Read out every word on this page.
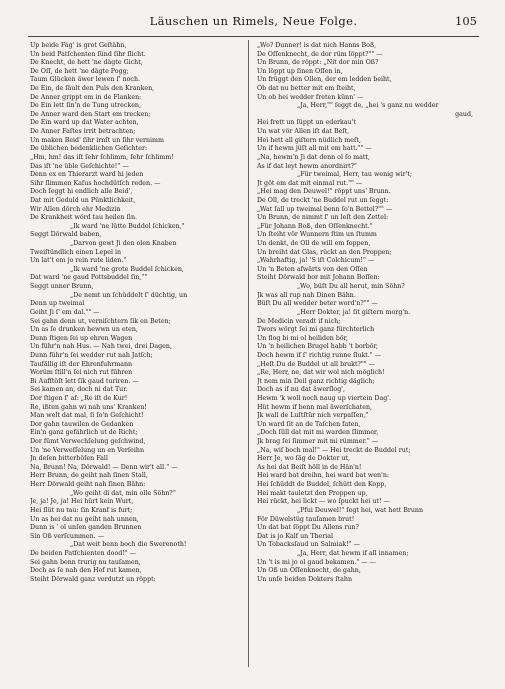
Läuschen un Rimels, Neue Folge.	105
Up beide Fäg' is grot Geſtähn,
Un beid Patſchenten ſünd ſihr ſlicht.
De Knecht, de hett 'ne dägte Gicht,
De Oſſ, de hett 'ne dägte Pogg;
Taum Glücken äwer lewen ſ' noch.
De Ein, de ſäult den Puls den Kranken,
De Anner grippt em in de Flanken:
De Ein lett ſin'n de Tung utrecken,
De Anner ward den Start em trecken;
De Ein ward up dat Water achten,
De Anner Faſtes irrit betrachten;
Un maken Beid' ſihr irnſt un ſihr vernimm
De üblichen bedenklichen Geſichter:
„Hm, hm! das iſt ſehr ſchlimm, ſehr ſchlimm!
Das iſt 'ne üble Geſchichte!“ —
Denn ex en Thierarzt ward hi jeden
Sihr ſlimmen Kaſus hochdütſch reden. —
Doch ſeggt hi endlich alle Beid',
Dat mit Geduld un Pünktlichkeit,
Wir Allen dörch ehr Medizin
De Krankheit wörd tau heilen ſin.
„Ik ward 'ne lütte Buddel ſchicken,"
Seggt Dörwald baben,
„Darvon gewt Ji den olen Knaben
Tweiſtündlich einen Lepel in
Un lat't em jo rein rute liden."
„Ik ward 'ne grote Buddel ſchicken,
Dat ward 'ne gaud Pottsbuddel ſin,“"
Seggt unner Brunn,
„De nemt un ſchüddelt ſ' düchtig, un
Denn up tweimal
Geiht Ji ſ' em dal."" —
Sei gahn denn ut, verniſchtern ſik en Beten;
Un as ſe drunken hewwn un eten,
Dunn ſtigen ſei up ehren Wagen
Un führ'n nah Hus. — Nah twei, drei Dagen,
Dunn führ'n ſei wedder rut nah Jatſch;
Taufällig iſt der Ehrenfuhrmann
Worüm ſtill'n ſei nich rut führen
Bi Aufſtöſt lett ſik gaud turiren. —
Sei kamen an, doch ni dat Tur.
Dor ſtigen ſ' af: „Re iſt de Kur!
Re, ißten gahn wi nah uns' Kranken!
Man welt dat mal, ſi ſo'n Geſchicht!
Dor gahn tauwilen de Gedanken
Ein'n ganz gefährlich ut de Richt;
Dor fümt Verwechſelung geſchwind,
Un 'ne Verweſſelung un en Verſeihn
Jn deſen bitterböſen Fall
Na, Brunn! Na, Dörwald! — Denn wir't all.“ —
Herr Brunn, de geiht nah ſinen Stall,
Herr Dörwald geiht nah ſinen Bähn:
„Wo geiht di dat, min olle Söhn?“
Je, ja! Je, ja! Hei hürt kein Wurt,
Hei ſlüt nu tau: ſin Kranf is furt;
Un as hei dat nu geiht nah unnen,
Dunn is ' ol unſen ganden Brunnen
Sin Oß verſcummen. —
„Dat weit benn boch die Swerenoth!
De beiden Patſchienten dood!" —
Sei gahn benn trurig nu tauſamen,
Doch as ſe nah den Hof rut kamen,
Steiht Dörwald ganz verdutzt un röppt:
„Wo? Dunner! is dat nich Hanns Boß,
De Oſſenknecht, de dor rüm löppt?"" —
Un Brunn, de röppt: „Nit dor min Oß?
Un löppt up ſinen Oſſen in,
Un früggt den Ollen, der em ledden beiht,
Ob dat nu better mit em ſteiht,
Un ob hei wedder freten künn' —
„Ja, Herr,"" ſeggt de, „hei 's ganz nu wedder
gaud,
Hei frett un ſüppt un ederkau't
Un wat vör Allen iſt dat Beſt,
Hei hett all giſtern nüdlich meſt,
Un if hewm jüſt all mit em hatt."" —
„Na, hewm'n Ji dat denn ol ſo matt,
As if dat leyt hewm anordnirt?"
„Für tweimal, Herr, tau wenig wir't;
Jt göt em dat mit einmal rut."" —
„Hei mag den Deuwel!" röppt uns' Brunn.
De Oll, de treckt 'ne Buddel rut un ſeggt:
„Wat ſall up tweimal benn ſo'n Bettel?"" —
Un Brunn, de nimmt ſ' un leſt den Zettel:
„Für Johann Boß, den Oſſenknecht."
Un ſteiht vör Wunnern ſtim un ſtumm
Un denkt, de Oll de will em foppen,
Un breiht dat Glas, rückt an den Proppen;
„Wahrhaftig, ja! 'S iſt Colchicum!" —
Un 'n Beten afwärts von den Oſſen
Steiht Dörwald bor mit Johann Boſſen:
„Wo, büſt Du all herut, min Söhn?
Jk was all rup nah Dinen Bähn.
Büſt Du all wedder beter word'n?"" —
„Herr Dokter, ja! ſit giſtern morg'n.
De Medicin veradt if nich;
Twors wörgt ſei mi ganz fürchterlich
Un flog bi mi ol heiliden bör,
Un 'n heilichen Brugel habb 't borbör,
Doch hewm if ſ' richtig runne ſlukt." —
„Heſt Du de Buddel ut all brukt?"" —
„Re, Herr, ne, dat wir wol nich möglich!
Jt nem min Deil ganz richtig däglich;
Doch as if nu dat äwerſlog',
Hewm 'k woll noch naug up viertein Dag'.
Hüt hewm if benn mal äwerſchaten,
Jk wall de Luſtſtür nich verpaſſen,"
Un ward ſit an de Taſchen faten,
„Doch ſüll dat mit mi warden ſlimmer,
Jk brag ſei ſimmer mit mi rümmer." —
„Na, wiſ boch mal!" — Hei treckt de Buddel rut;
Herr Je, wo ſäg de Dokter ut,
As hei dat Beiſt höll in de Hän'n!
Hei ward bat dreihn, hei ward bat wen'n:
Hei ſchüddt de Buddel, ſchütt den Kopp,
Hei makt tauletzt den Proppen up,
Hei rückt, hei lickt — wo ſpuckt hei ut! —
„Pfui Deuwel!" ſegt hei, wat hett Brunn
För Düwelstüg tauſamen brut!
Un dat bat ſöppt Du Allens run?
Dat is jo Kalf un Therial
Un Tobacksſaud un Salmiak!" —
„Ja, Herr, dat hewm if all innamen;
Un 't is mi jo ol gaud bekamen." — —
Un Oß un Oſſenknecht, de gahn,
Un unſe beiden Dokters ſtahn
